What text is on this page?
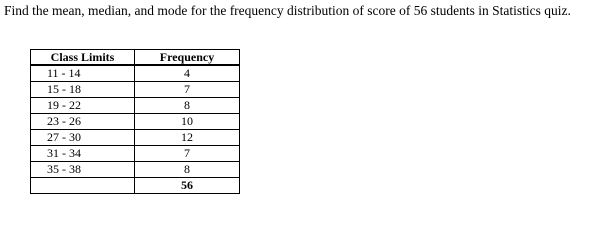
Find the mean, median, and mode for the frequency distribution of score of 56 students in Statistics quiz.

Class Limits	Frequency
11 - 14	4
15 - 18	7
19 - 22	8
23 - 26	10
27 - 30	12
31 - 34	7
35 - 38	8
	56
